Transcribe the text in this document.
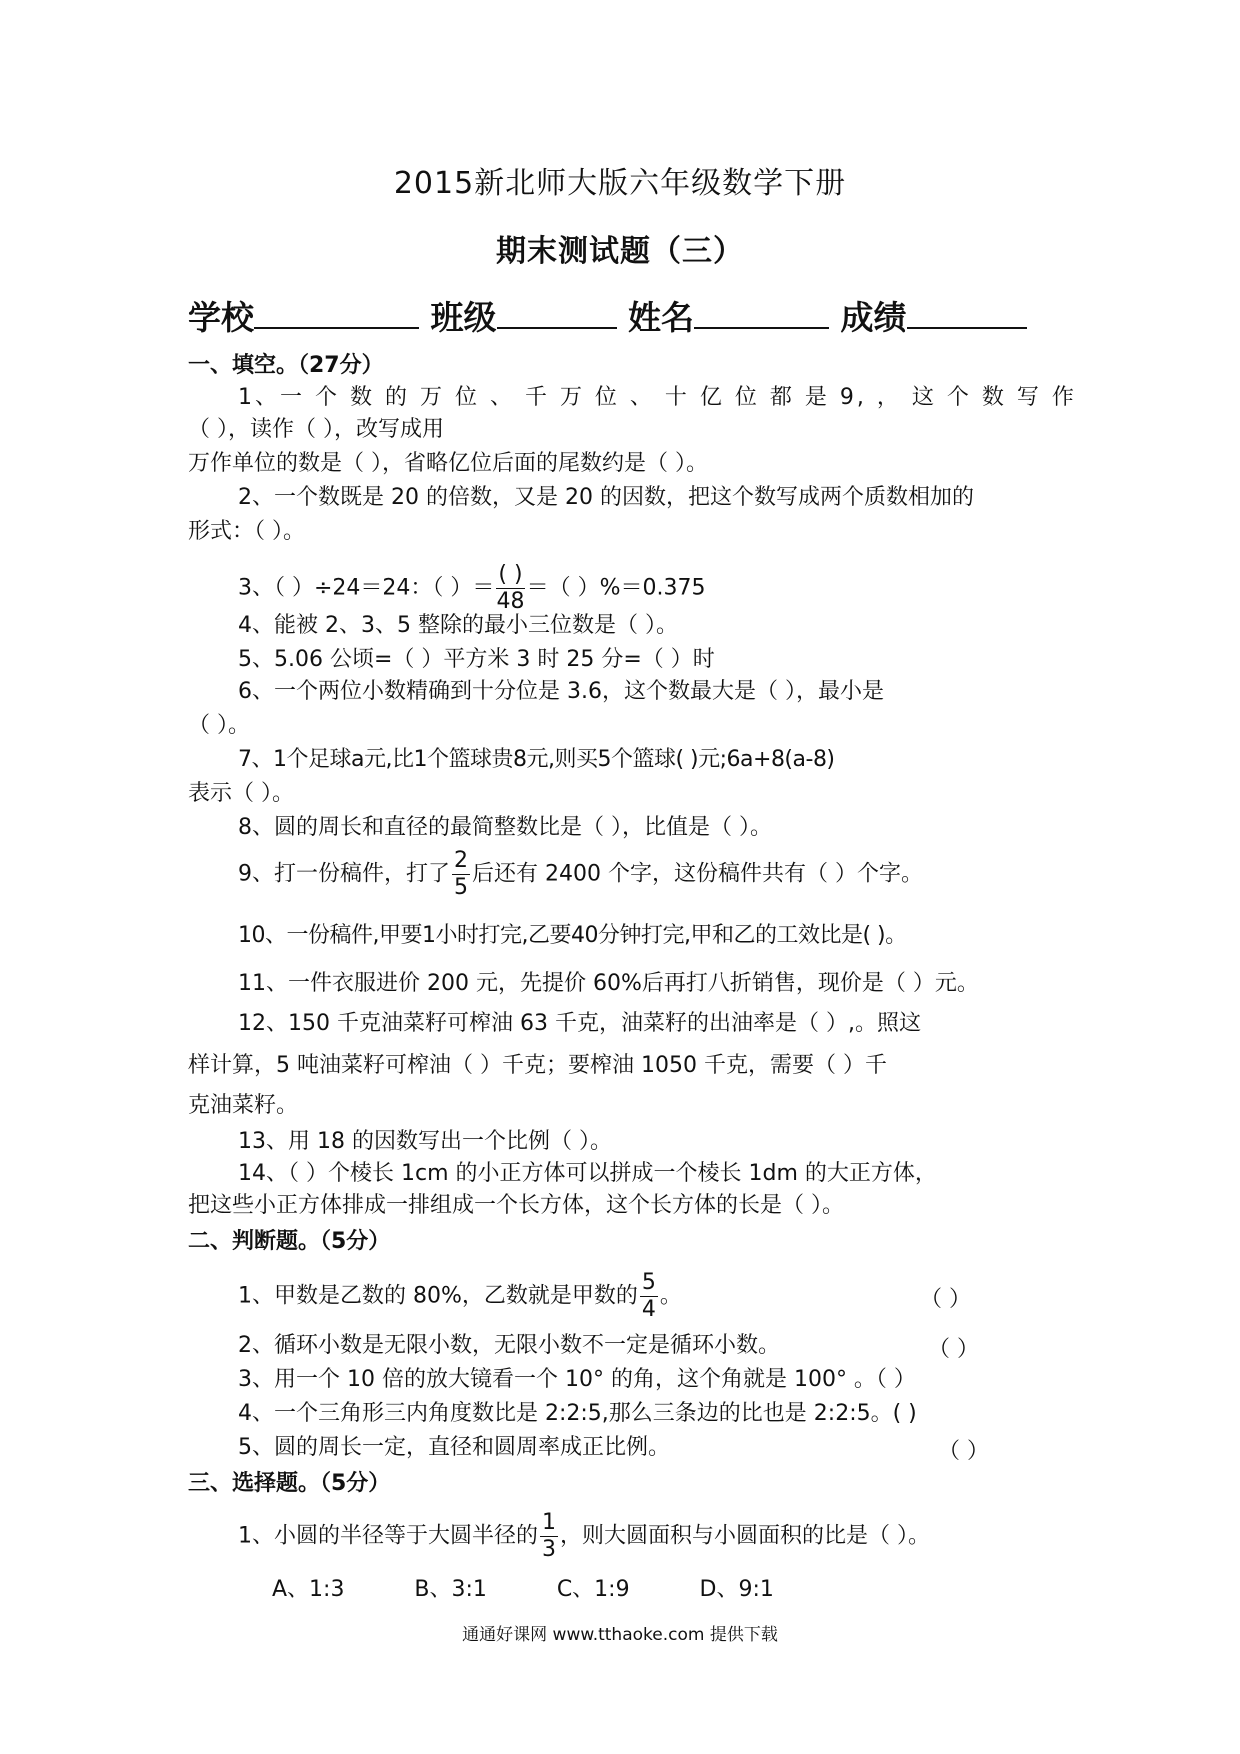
2015新北师大版六年级数学下册
期末测试题（三）
学校	班级	姓名	成绩
一、填空。（27分）
1、一 个 数 的 万 位 、 千 万 位 、 十 亿 位 都 是 9, ， 这 个 数 写 作
（ ），读作（ ），改写成用
万作单位的数是（ ），省略亿位后面的尾数约是（ ）。
2、一个数既是 20 的倍数，又是 20 的因数，把这个数写成两个质数相加的
形式：（ ）。
3、（ ）÷24＝24：（ ）＝ $\frac{( )}{48}$ ＝（ ）%＝0.375
4、能被 2、3、5 整除的最小三位数是（ ）。
5、5.06 公顷=（ ）平方米 3 时 25 分=（ ）时
6、一个两位小数精确到十分位是 3.6，这个数最大是（ ），最小是
（ ）。
7、1个足球a元,比1个篮球贵8元,则买5个篮球( )元;6a+8(a-8)
表示（ ）。
8、圆的周长和直径的最简整数比是（ ），比值是（ ）。
9、打一份稿件，打了 $\frac{2}{5}$ 后还有 2400 个字，这份稿件共有（ ）个字。
10、一份稿件,甲要1小时打完,乙要40分钟打完,甲和乙的工效比是( )。
11、一件衣服进价 200 元，先提价 60%后再打八折销售，现价是（ ）元。
12、150 千克油菜籽可榨油 63 千克，油菜籽的出油率是（ ）,。照这
样计算，5 吨油菜籽可榨油（ ）千克；要榨油 1050 千克，需要（ ）千
克油菜籽。
13、用 18 的因数写出一个比例（ ）。
14、（ ）个棱长 1cm 的小正方体可以拼成一个棱长 1dm 的大正方体，
把这些小正方体排成一排组成一个长方体，这个长方体的长是（ ）。
二、判断题。（5分）
1、甲数是乙数的 80%，乙数就是甲数的 $\frac{5}{4}$ 。	（ ）
2、循环小数是无限小数，无限小数不一定是循环小数。	（ ）
3、用一个 10 倍的放大镜看一个 10° 的角，这个角就是 100° 。（ ）
4、一个三角形三内角度数比是 2:2:5,那么三条边的比也是 2:2:5。( )
5、圆的周长一定，直径和圆周率成正比例。	（ ）
三、选择题。（5分）
1、小圆的半径等于大圆半径的 $\frac{1}{3}$ ，则大圆面积与小圆面积的比是（ ）。
A、1:3          B、3:1          C、1:9          D、9:1
通通好课网 www.tthaoke.com 提供下载
